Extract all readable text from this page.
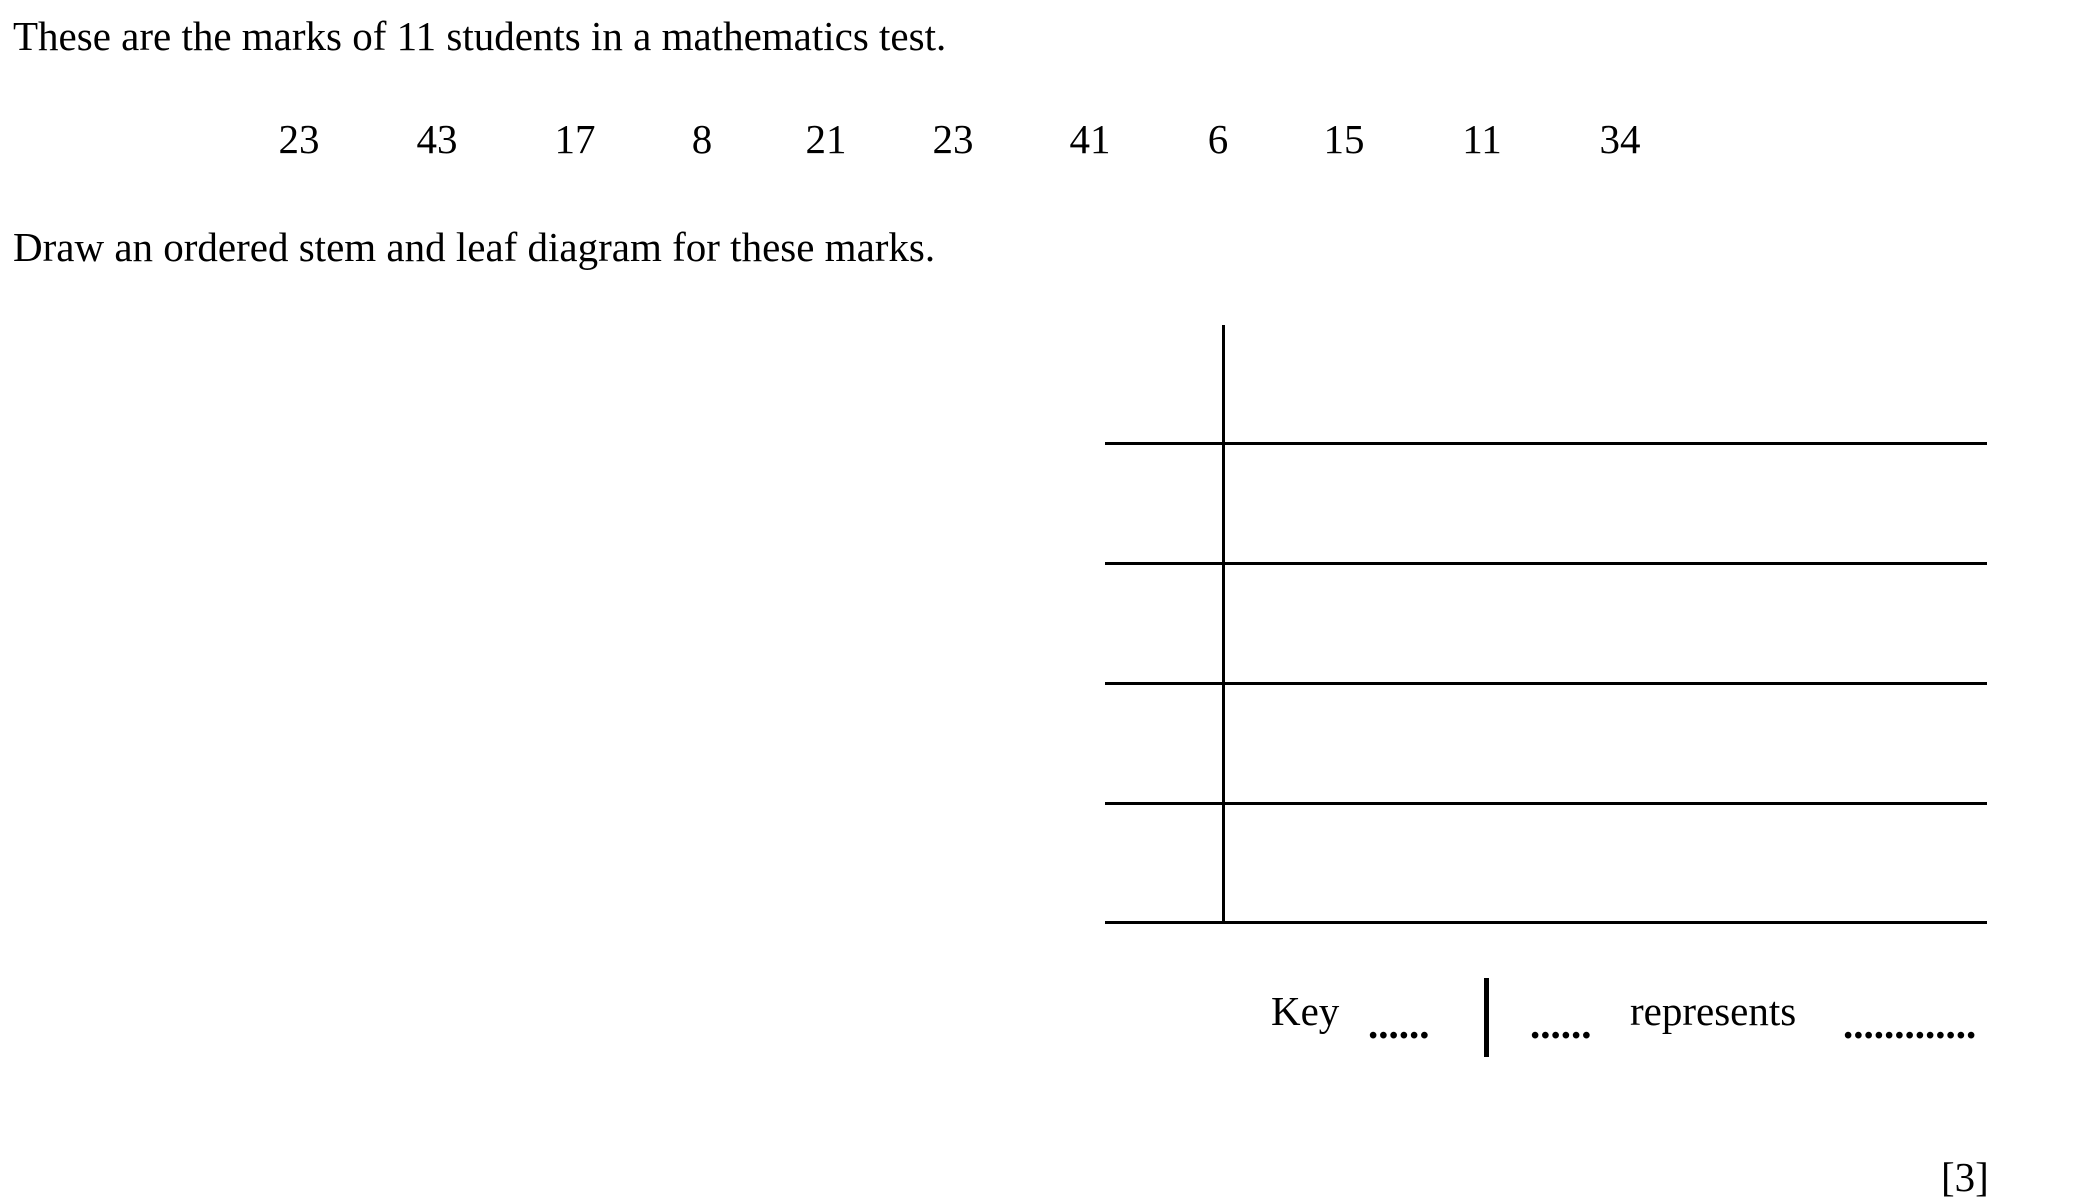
These are the marks of 11 students in a mathematics test.
23 43 17 8 21 23 41 6 15 11 34
Draw an ordered stem and leaf diagram for these marks.
Key ...... ...... represents .............
[3]
